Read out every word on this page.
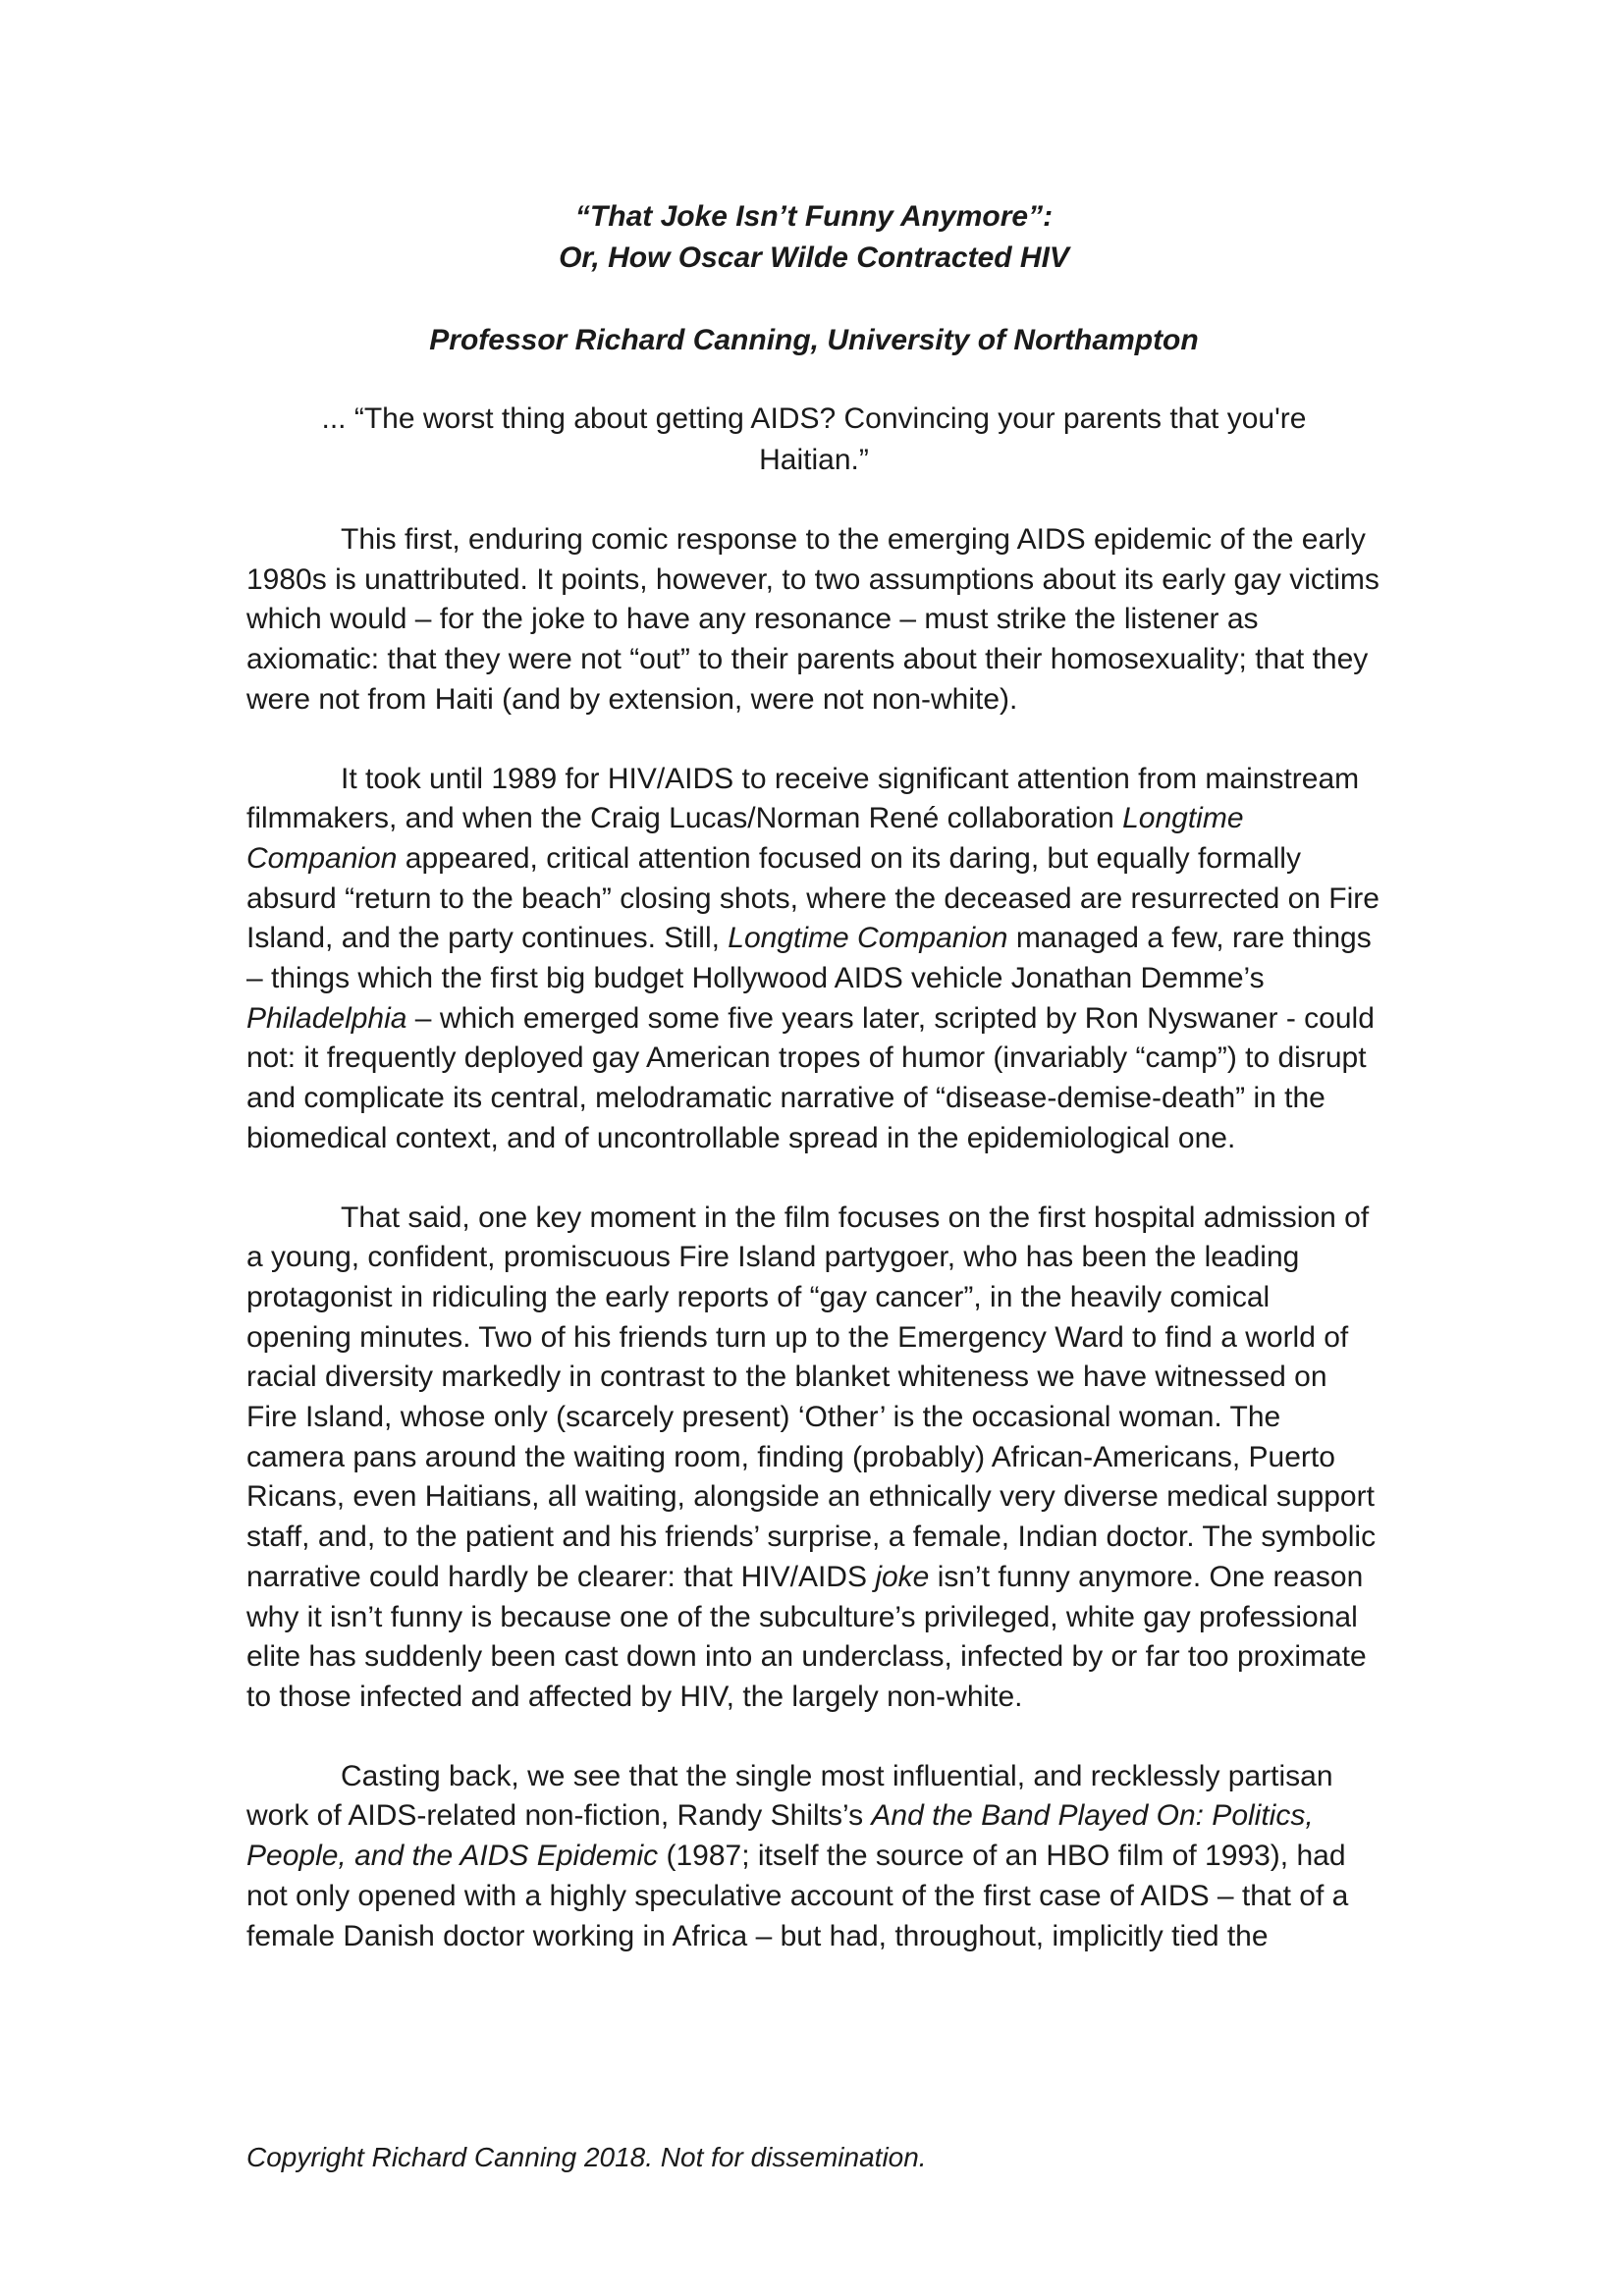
“That Joke Isn’t Funny Anymore”:
Or, How Oscar Wilde Contracted HIV

Professor Richard Canning, University of Northampton

... “The worst thing about getting AIDS? Convincing your parents that you're Haitian.”

This first, enduring comic response to the emerging AIDS epidemic of the early 1980s is unattributed. It points, however, to two assumptions about its early gay victims which would – for the joke to have any resonance – must strike the listener as axiomatic: that they were not “out” to their parents about their homosexuality; that they were not from Haiti (and by extension, were not non-white).

It took until 1989 for HIV/AIDS to receive significant attention from mainstream filmmakers, and when the Craig Lucas/Norman René collaboration Longtime Companion appeared, critical attention focused on its daring, but equally formally absurd “return to the beach” closing shots, where the deceased are resurrected on Fire Island, and the party continues. Still, Longtime Companion managed a few, rare things – things which the first big budget Hollywood AIDS vehicle Jonathan Demme’s Philadelphia – which emerged some five years later, scripted by Ron Nyswaner - could not: it frequently deployed gay American tropes of humor (invariably “camp”) to disrupt and complicate its central, melodramatic narrative of “disease-demise-death” in the biomedical context, and of uncontrollable spread in the epidemiological one.

That said, one key moment in the film focuses on the first hospital admission of a young, confident, promiscuous Fire Island partygoer, who has been the leading protagonist in ridiculing the early reports of “gay cancer”, in the heavily comical opening minutes. Two of his friends turn up to the Emergency Ward to find a world of racial diversity markedly in contrast to the blanket whiteness we have witnessed on Fire Island, whose only (scarcely present) ‘Other’ is the occasional woman. The camera pans around the waiting room, finding (probably) African-Americans, Puerto Ricans, even Haitians, all waiting, alongside an ethnically very diverse medical support staff, and, to the patient and his friends’ surprise, a female, Indian doctor. The symbolic narrative could hardly be clearer: that HIV/AIDS joke isn’t funny anymore. One reason why it isn’t funny is because one of the subculture’s privileged, white gay professional elite has suddenly been cast down into an underclass, infected by or far too proximate to those infected and affected by HIV, the largely non-white.

Casting back, we see that the single most influential, and recklessly partisan work of AIDS-related non-fiction, Randy Shilts’s And the Band Played On: Politics, People, and the AIDS Epidemic (1987; itself the source of an HBO film of 1993), had not only opened with a highly speculative account of the first case of AIDS – that of a female Danish doctor working in Africa – but had, throughout, implicitly tied the

Copyright Richard Canning 2018. Not for dissemination.
